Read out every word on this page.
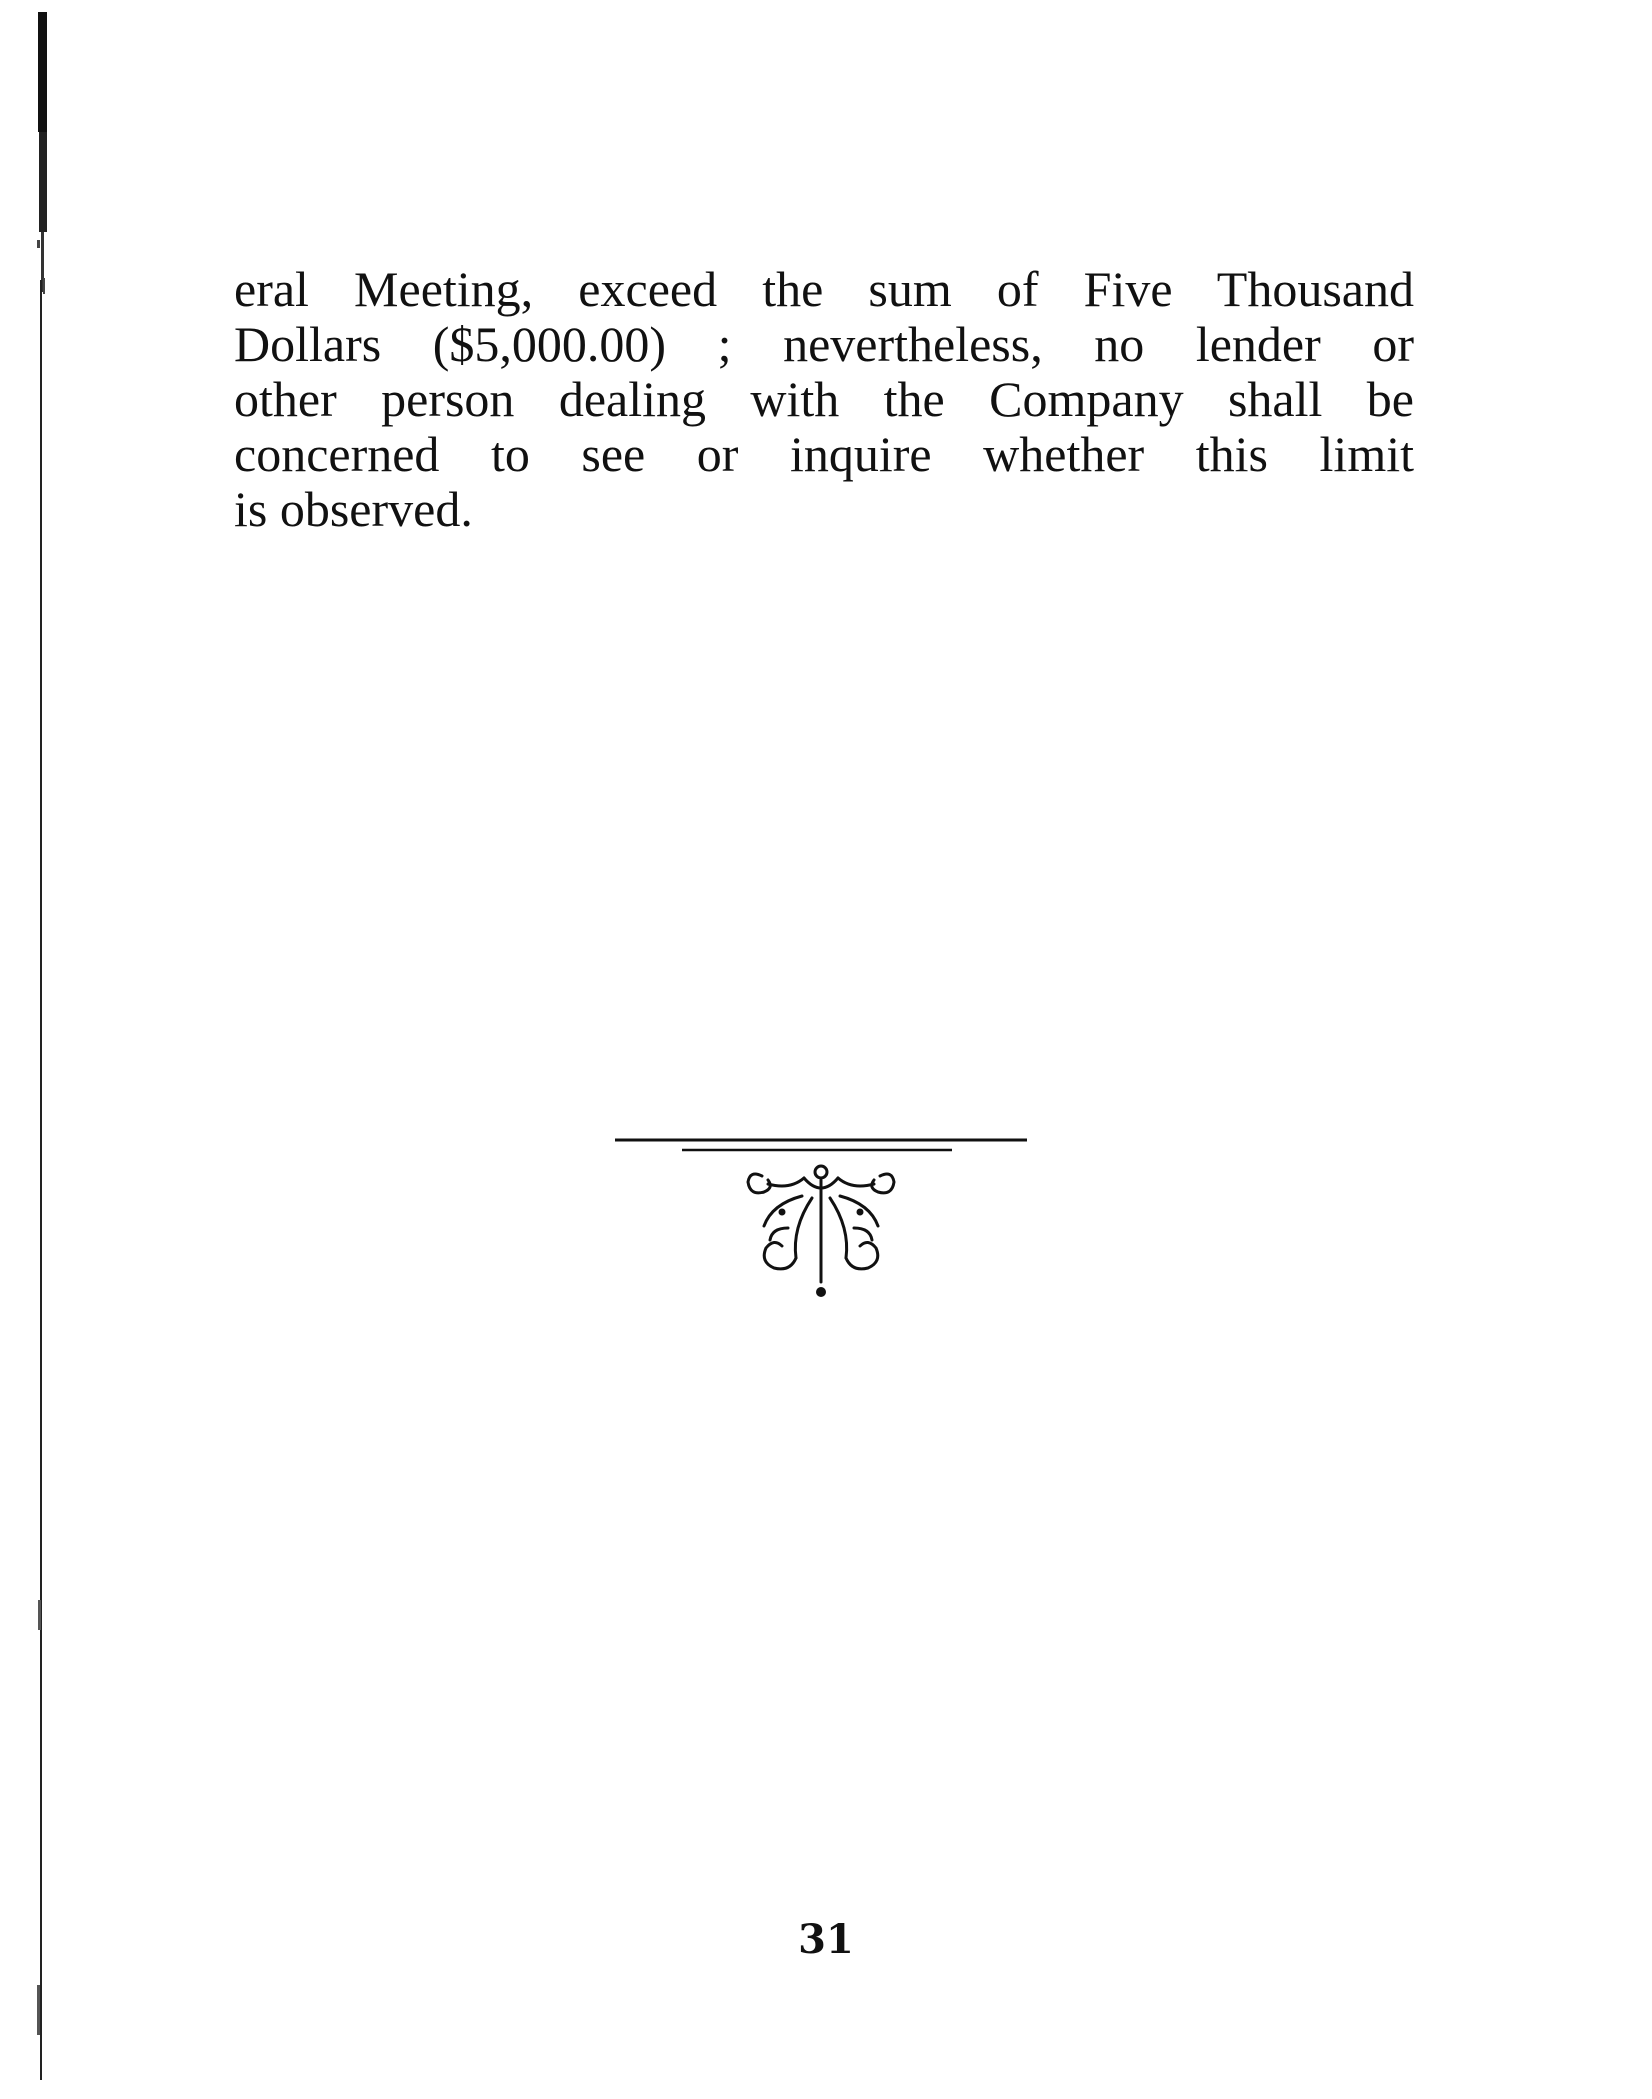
eral Meeting, exceed the sum of Five Thousand
Dollars ($5,000.00) ; nevertheless, no lender or
other person dealing with the Company shall be
concerned to see or inquire whether this limit
is observed.
31
